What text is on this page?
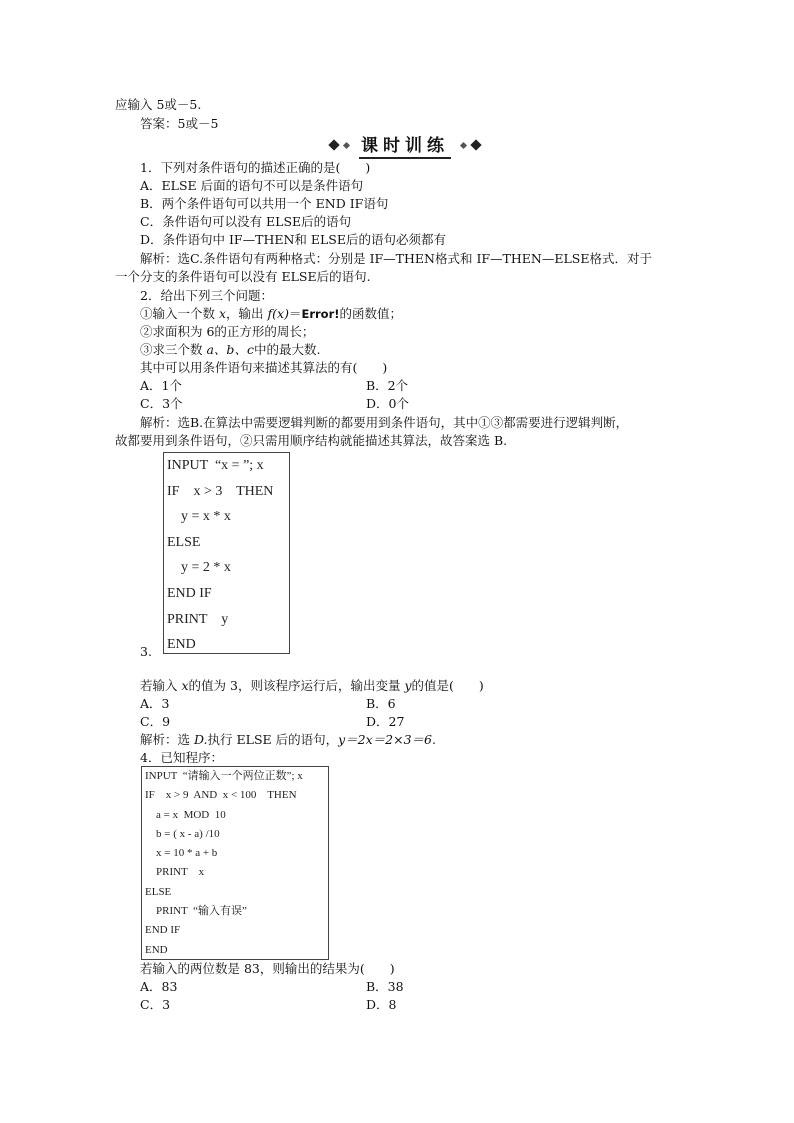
应输入 5或－5.
答案：5或－5
课时训练
1．下列对条件语句的描述正确的是(　　)
A．ELSE 后面的语句不可以是条件语句
B．两个条件语句可以共用一个 END IF语句
C．条件语句可以没有 ELSE后的语句
D．条件语句中 IF—THEN和 ELSE后的语句必须都有
解析：选C.条件语句有两种格式：分别是 IF—THEN格式和 IF—THEN—ELSE格式．对于
一个分支的条件语句可以没有 ELSE后的语句.
2．给出下列三个问题：
①输入一个数 x，输出 f(x)＝Error!的函数值；
②求面积为 6的正方形的周长；
③求三个数 a、b、c中的最大数.
其中可以用条件语句来描述其算法的有(　　)
A．1个	B．2个
C．3个	D．0个
解析：选B.在算法中需要逻辑判断的都要用到条件语句，其中①③都需要进行逻辑判断，
故都要用到条件语句，②只需用顺序结构就能描述其算法，故答案选 B.
INPUT  “x = ”; x
IF    x > 3    THEN
y = x * x
ELSE
y = 2 * x
END IF
PRINT    y
END
3.
若输入 x的值为 3，则该程序运行后，输出变量 y的值是(　　)
A．3	B．6
C．9	D．27
解析：选 D.执行 ELSE 后的语句，y＝2x＝2×3＝6.
4．已知程序：
INPUT  “请输入一个两位正数”; x
IF    x > 9  AND  x < 100    THEN
a = x  MOD  10
b = ( x - a) /10
x = 10 * a + b
PRINT    x
ELSE
PRINT  “输入有误”
END IF
END
若输入的两位数是 83，则输出的结果为(　　)
A．83	B．38
C．3	D．8
